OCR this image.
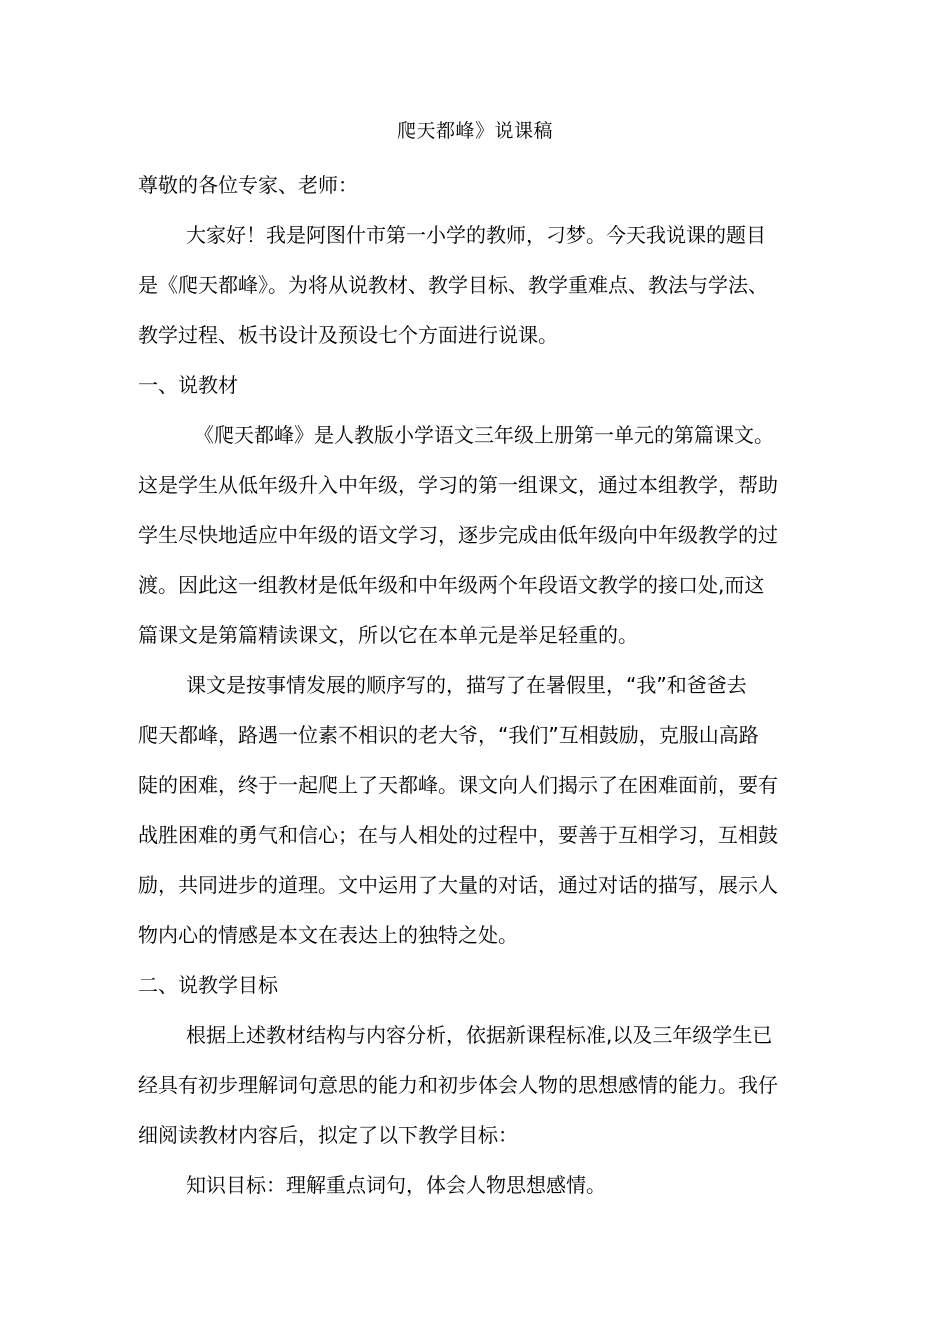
爬天都峰》说课稿
尊敬的各位专家、老师：
大家好！我是阿图什市第一小学的教师，刁梦。今天我说课的题目
是《爬天都峰》。为将从说教材、教学目标、教学重难点、教法与学法、
教学过程、板书设计及预设七个方面进行说课。
一、说教材
《爬天都峰》是人教版小学语文三年级上册第一单元的第篇课文。
这是学生从低年级升入中年级，学习的第一组课文，通过本组教学，帮助
学生尽快地适应中年级的语文学习，逐步完成由低年级向中年级教学的过
渡。因此这一组教材是低年级和中年级两个年段语文教学的接口处,而这
篇课文是第篇精读课文，所以它在本单元是举足轻重的。
课文是按事情发展的顺序写的，描写了在暑假里，“我”和爸爸去
爬天都峰，路遇一位素不相识的老大爷，“我们”互相鼓励，克服山高路
陡的困难，终于一起爬上了天都峰。课文向人们揭示了在困难面前，要有
战胜困难的勇气和信心；在与人相处的过程中，要善于互相学习，互相鼓
励，共同进步的道理。文中运用了大量的对话，通过对话的描写，展示人
物内心的情感是本文在表达上的独特之处。
二、说教学目标
根据上述教材结构与内容分析，依据新课程标准,以及三年级学生已
经具有初步理解词句意思的能力和初步体会人物的思想感情的能力。我仔
细阅读教材内容后，拟定了以下教学目标：
知识目标：理解重点词句，体会人物思想感情。
